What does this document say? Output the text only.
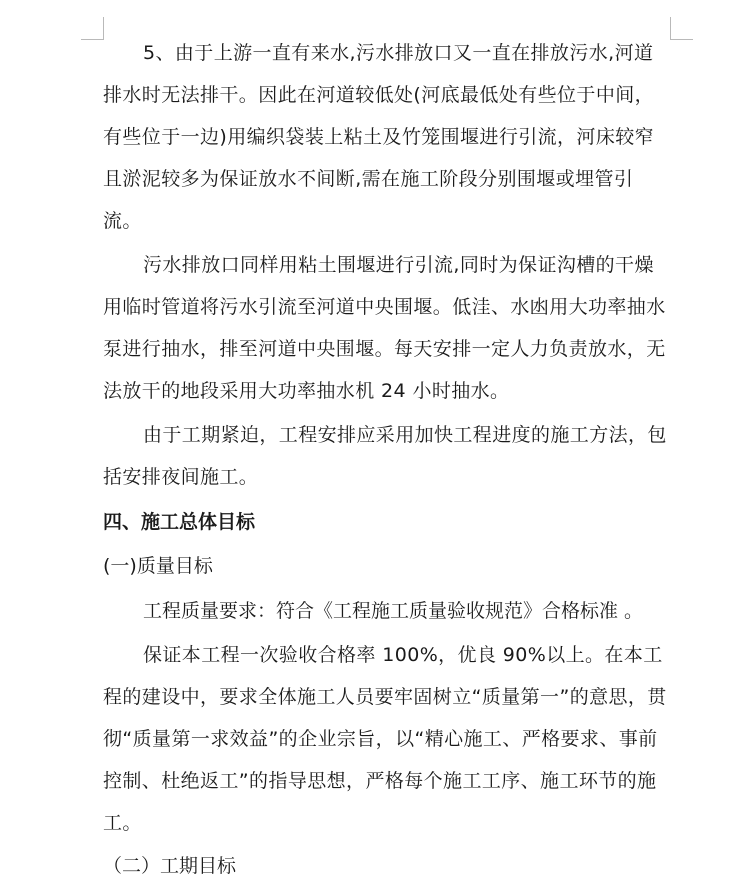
5、由于上游一直有来水,污水排放口又一直在排放污水,河道排水时无法排干。因此在河道较低处(河底最低处有些位于中间，有些位于一边)用编织袋装上粘土及竹笼围堰进行引流，河床较窄且淤泥较多为保证放水不间断,需在施工阶段分别围堰或埋管引流。

污水排放口同样用粘土围堰进行引流,同时为保证沟槽的干燥用临时管道将污水引流至河道中央围堰。低洼、水凼用大功率抽水泵进行抽水，排至河道中央围堰。每天安排一定人力负责放水，无法放干的地段采用大功率抽水机 24 小时抽水。

由于工期紧迫，工程安排应采用加快工程进度的施工方法，包括安排夜间施工。

四、施工总体目标

(一)质量目标

工程质量要求：符合《工程施工质量验收规范》合格标准 。

保证本工程一次验收合格率 100%，优良 90%以上。在本工程的建设中，要求全体施工人员要牢固树立“质量第一”的意思，贯彻“质量第一求效益”的企业宗旨，以“精心施工、严格要求、事前控制、杜绝返工”的指导思想，严格每个施工工序、施工环节的施工。

（二）工期目标
